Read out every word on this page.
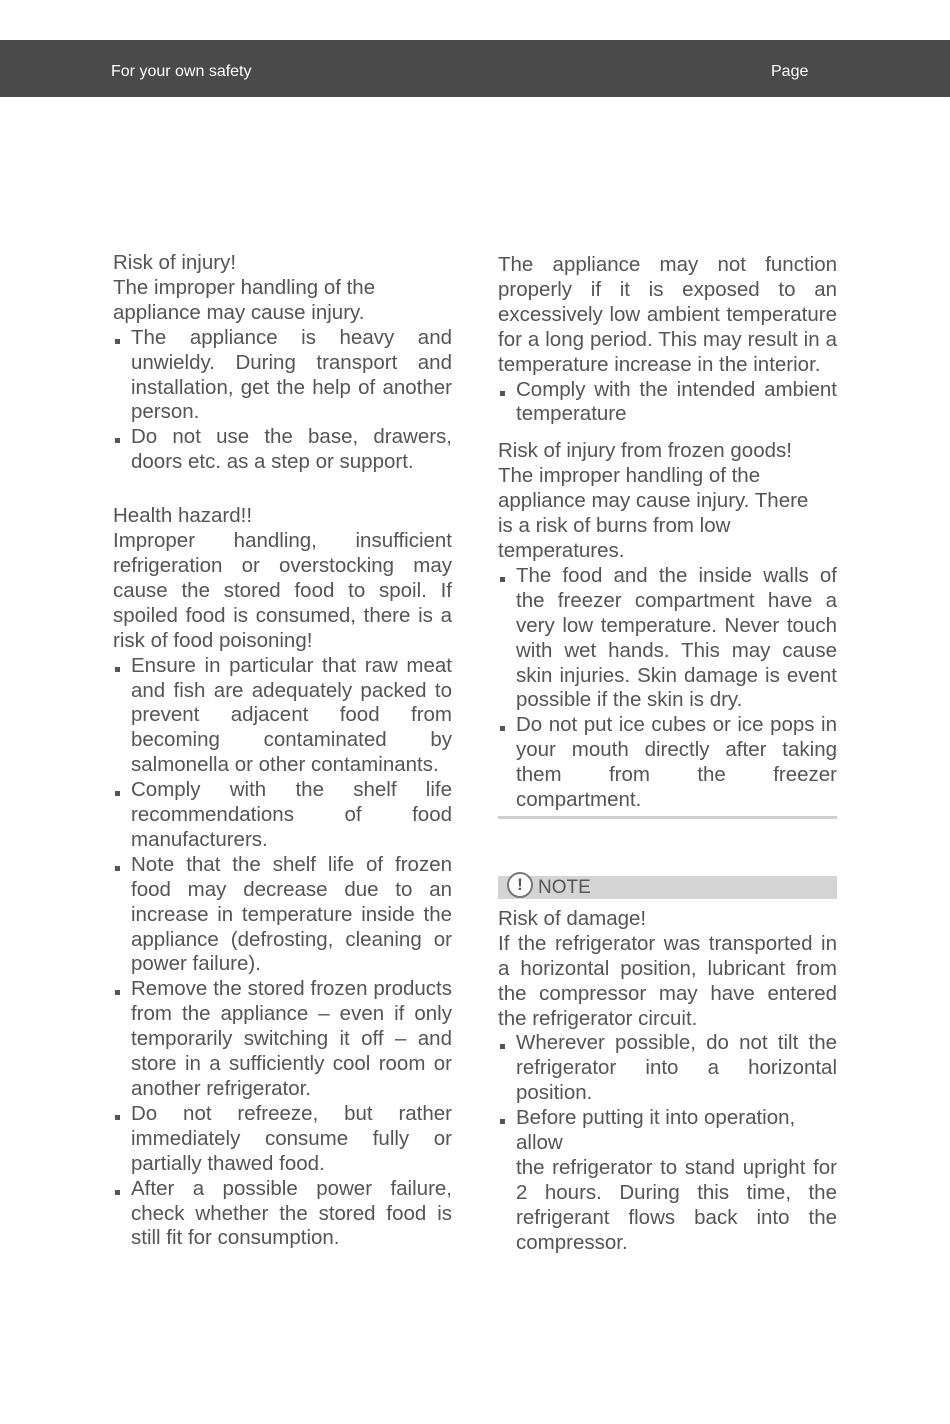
For your own safety	Page

Risk of injury!

The improper handling of the

appliance may cause injury.

The appliance is heavy and unwieldy. During transport and installation, get the help of another person.
Do not use the base, drawers, doors etc. as a step or support.

Health hazard!!

Improper handling, insufficient refrigeration or overstocking may cause the stored food to spoil. If spoiled food is consumed, there is a risk of food poisoning!

Ensure in particular that raw meat and fish are adequately packed to prevent adjacent food from becoming contaminated by salmonella or other contaminants.
Comply with the shelf life recommendations of food manufacturers.
Note that the shelf life of frozen food may decrease due to an increase in temperature inside the appliance (defrosting, cleaning or power failure).
Remove the stored frozen products from the appliance – even if only temporarily switching it off – and store in a sufficiently cool room or another refrigerator.
Do not refreeze, but rather immediately consume fully or partially thawed food.
After a possible power failure, check whether the stored food is still fit for consumption.

The appliance may not function properly if it is exposed to an excessively low ambient temperature for a long period. This may result in a temperature increase in the interior.

Comply with the intended ambient temperature

Risk of injury from frozen goods!

The improper handling of the

appliance may cause injury. There

is a risk of burns from low

temperatures.

The food and the inside walls of the freezer compartment have a very low temperature. Never touch with wet hands. This may cause skin injuries. Skin damage is event possible if the skin is dry.
Do not put ice cubes or ice pops in your mouth directly after taking them from the freezer compartment.
! NOTE

Risk of damage!

If the refrigerator was transported in a horizontal position, lubricant from the compressor may have entered the refrigerator circuit.

Wherever possible, do not tilt the refrigerator into a horizontal position.
Before putting it into operation,
allow
the refrigerator to stand upright for 2 hours. During this time, the refrigerant flows back into the compressor.
